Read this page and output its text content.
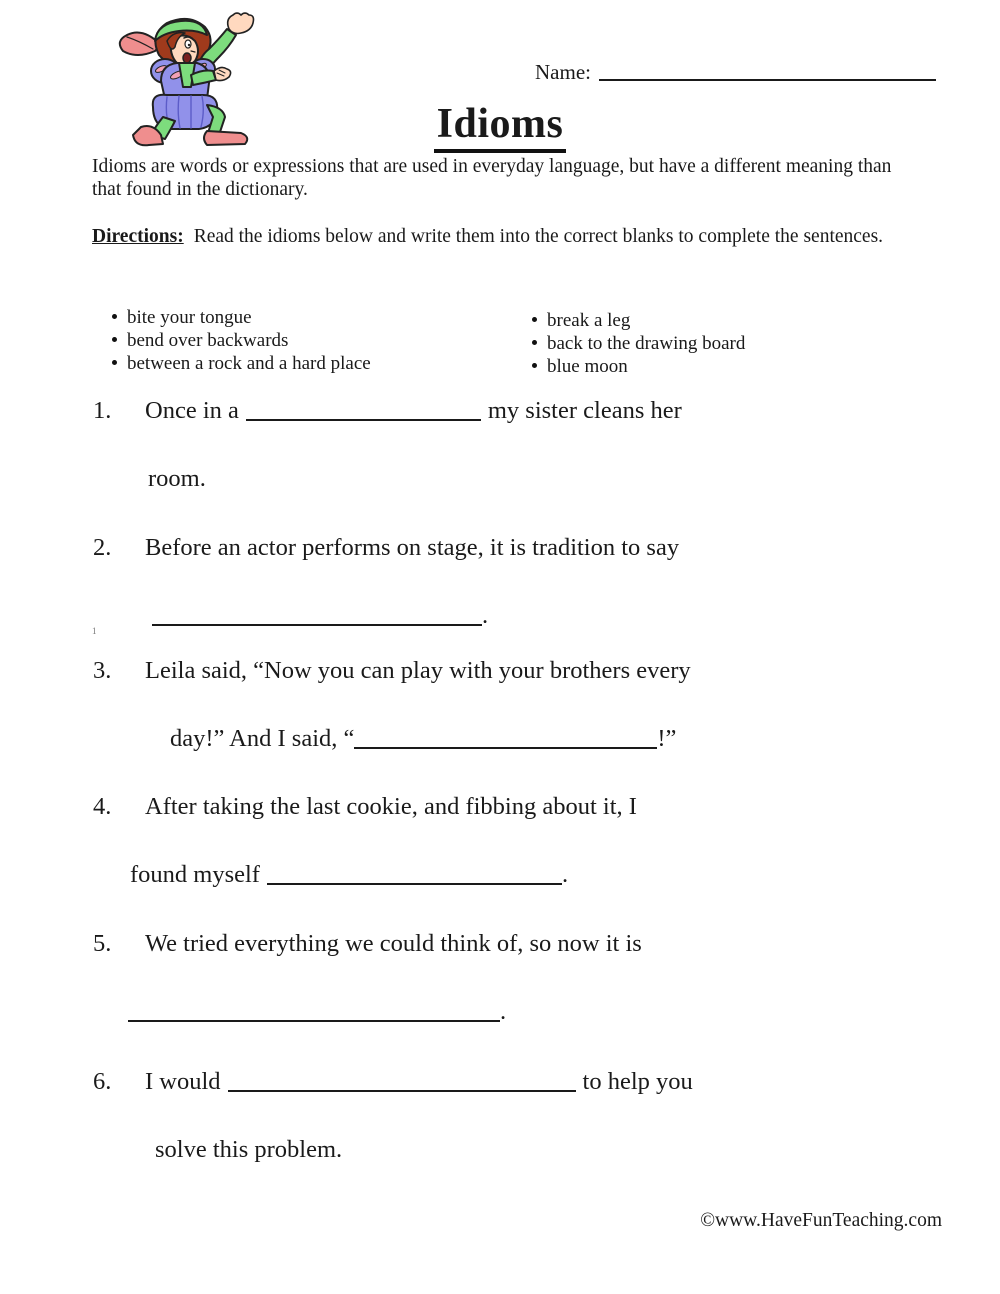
Name:
Idioms
Idioms are words or expressions that are used in everyday language, but have a different meaning than that found in the dictionary.
Directions: Read the idioms below and write them into the correct blanks to complete the sentences.
bite your tongue
bend over backwards
between a rock and a hard place
break a leg
back to the drawing board
blue moon
1. Once in a	my sister cleans her
room.
2. Before an actor performs on stage, it is tradition to say
.
3. Leila said, “Now you can play with your brothers every
day!” And I said, “	!”
4. After taking the last cookie, and fibbing about it, I
found myself	.
5. We tried everything we could think of, so now it is
.
6. I would	to help you
solve this problem.
1
©www.HaveFunTeaching.com
